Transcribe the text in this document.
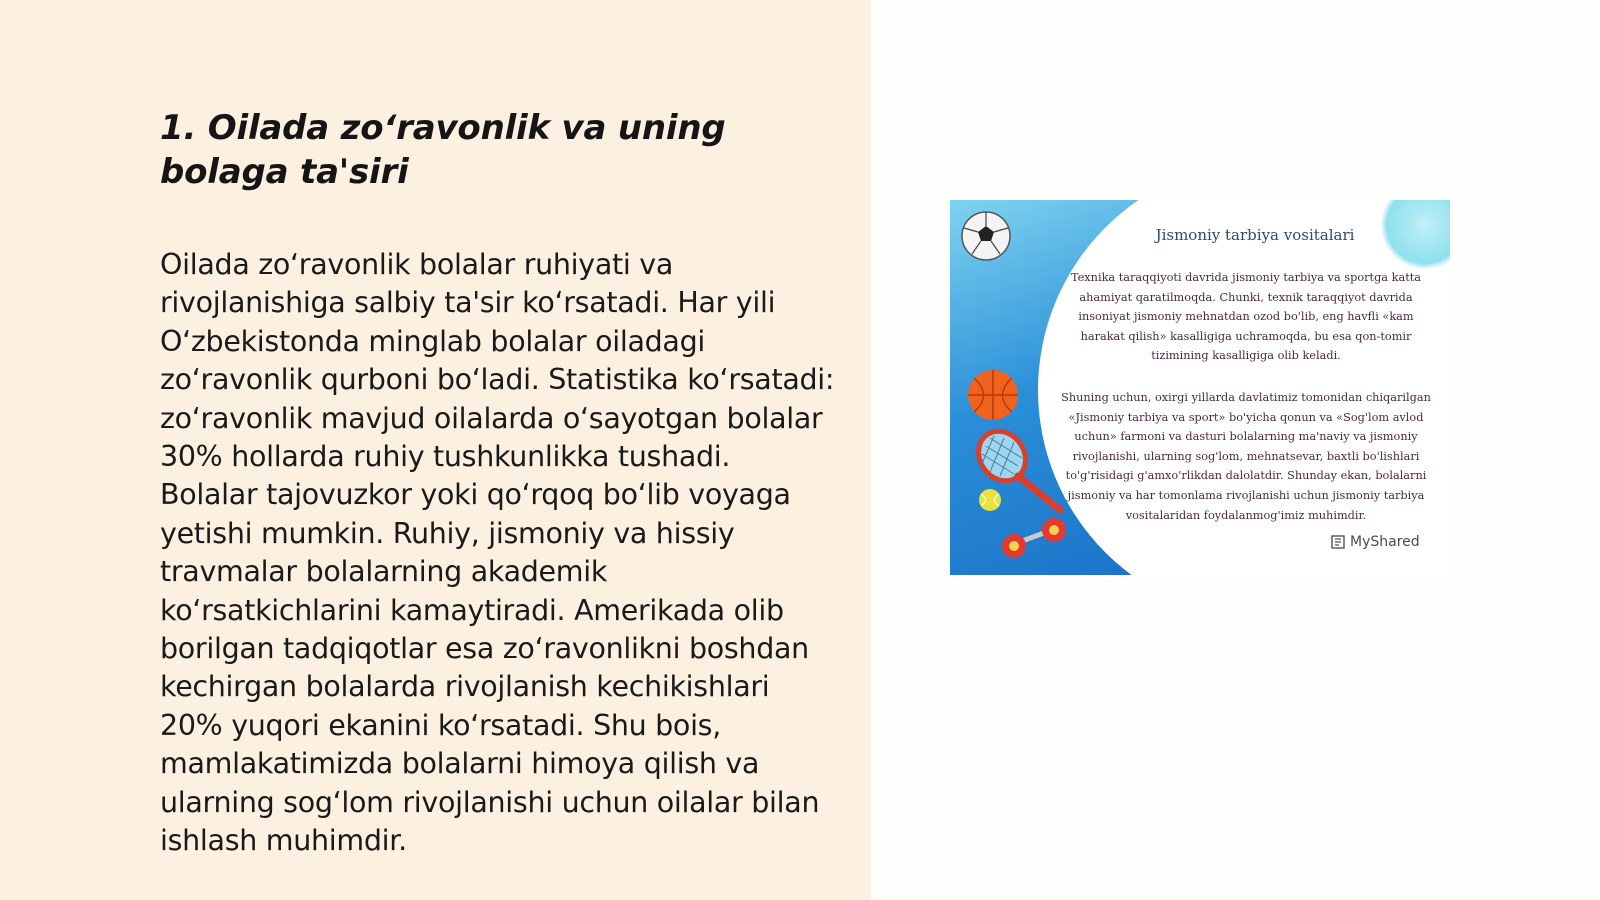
1. Oilada zo‘ravonlik va uning bolaga ta'siri

Oilada zo‘ravonlik bolalar ruhiyati va rivojlanishiga salbiy ta'sir ko‘rsatadi. Har yili O‘zbekistonda minglab bolalar oiladagi zo‘ravonlik qurboni bo‘ladi. Statistika ko‘rsatadi: zo‘ravonlik mavjud oilalarda o‘sayotgan bolalar 30% hollarda ruhiy tushkunlikka tushadi. Bolalar tajovuzkor yoki qo‘rqoq bo‘lib voyaga yetishi mumkin. Ruhiy, jismoniy va hissiy travmalar bolalarning akademik ko‘rsatkichlarini kamaytiradi. Amerikada olib borilgan tadqiqotlar esa zo‘ravonlikni boshdan kechirgan bolalarda rivojlanish kechikishlari 20% yuqori ekanini ko‘rsatadi. Shu bois, mamlakatimizda bolalarni himoya qilish va ularning sog‘lom rivojlanishi uchun oilalar bilan ishlash muhimdir.

Jismoniy tarbiya vositalari

Texnika taraqqiyoti davrida jismoniy tarbiya va sportga katta ahamiyat qaratilmoqda. Chunki, texnik taraqqiyot davrida insoniyat jismoniy mehnatdan ozod bo'lib, eng havfli «kam harakat qilish» kasalligiga uchramoqda, bu esa qon-tomir tizimining kasalligiga olib keladi.

Shuning uchun, oxirgi yillarda davlatimiz tomonidan chiqarilgan «Jismoniy tarbiya va sport» bo'yicha qonun va «Sog'lom avlod uchun» farmoni va dasturi bolalarning ma'naviy va jismoniy rivojlanishi, ularning sog'lom, mehnatsevar, baxtli bo'lishlari to'g'risidagi g'amxo'rlikdan dalolatdir. Shunday ekan, bolalarni jismoniy va har tomonlama rivojlanishi uchun jismoniy tarbiya vositalaridan foydalanmog'imiz muhimdir.

MyShared
